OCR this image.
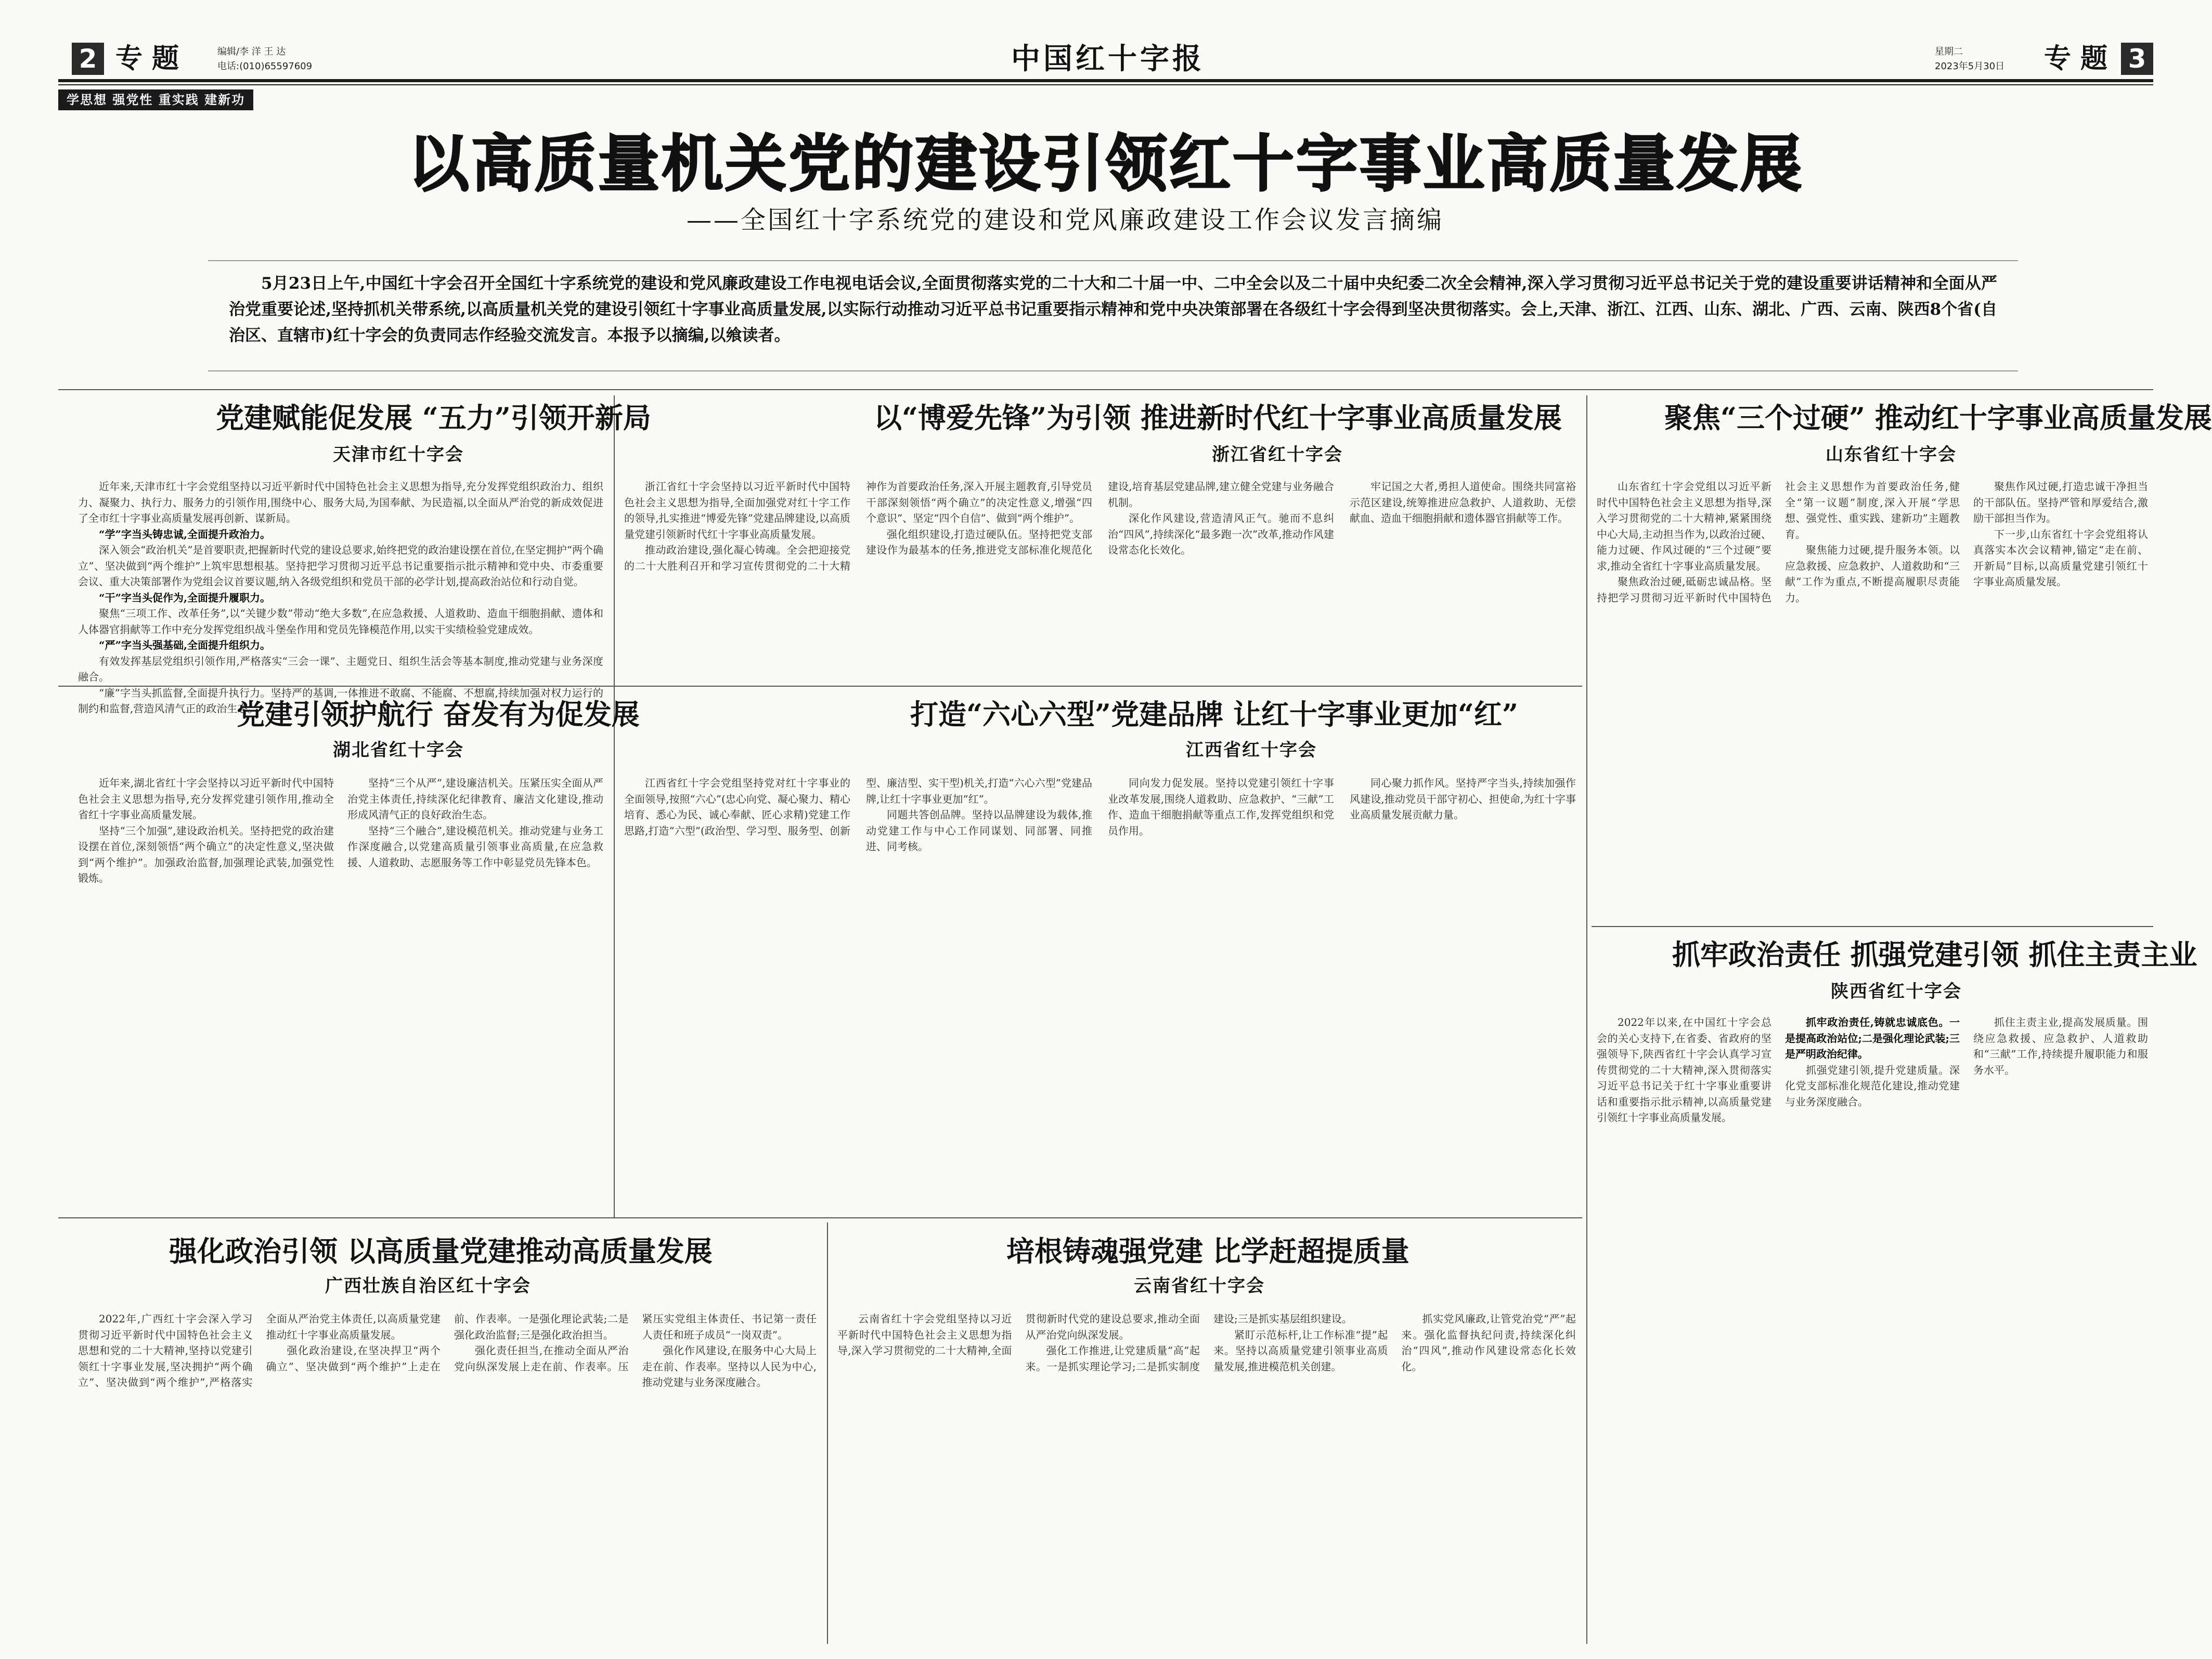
2 专题	编辑/李 洋 王 达
电话:(010)65597609	中国红十字报	星期二
2023年5月30日 专题 3
学思想 强党性 重实践 建新功
以高质量机关党的建设引领红十字事业高质量发展
——全国红十字系统党的建设和党风廉政建设工作会议发言摘编
5月23日上午,中国红十字会召开全国红十字系统党的建设和党风廉政建设工作电视电话会议,全面贯彻落实党的二十大和二十届一中、二中全会以及二十届中央纪委二次全会精神,深入学习贯彻习近平总书记关于党的建设重要讲话精神和全面从严治党重要论述,坚持抓机关带系统,以高质量机关党的建设引领红十字事业高质量发展,以实际行动推动习近平总书记重要指示精神和党中央决策部署在各级红十字会得到坚决贯彻落实。会上,天津、浙江、江西、山东、湖北、广西、云南、陕西8个省(自治区、直辖市)红十字会的负责同志作经验交流发言。本报予以摘编,以飨读者。
党建赋能促发展 “五力”引领开新局
天津市红十字会

近年来,天津市红十字会党组坚持以习近平新时代中国特色社会主义思想为指导,充分发挥党组织政治力、组织力、凝聚力、执行力、服务力的引领作用,围绕中心、服务大局,为国奉献、为民造福,以全面从严治党的新成效促进了全市红十字事业高质量发展再创新、谋新局。

“学”字当头铸忠诚,全面提升政治力。

深入领会“政治机关”是首要职责,把握新时代党的建设总要求,始终把党的政治建设摆在首位,在坚定拥护“两个确立”、坚决做到“两个维护”上筑牢思想根基。坚持把学习贯彻习近平总书记重要指示批示精神和党中央、市委重要会议、重大决策部署作为党组会议首要议题,纳入各级党组织和党员干部的必学计划,提高政治站位和行动自觉。

“干”字当头促作为,全面提升履职力。

聚焦“三项工作、改革任务”,以“关键少数”带动“绝大多数”,在应急救援、人道救助、造血干细胞捐献、遗体和人体器官捐献等工作中充分发挥党组织战斗堡垒作用和党员先锋模范作用,以实干实绩检验党建成效。

“严”字当头强基础,全面提升组织力。

有效发挥基层党组织引领作用,严格落实“三会一课”、主题党日、组织生活会等基本制度,推动党建与业务深度融合。

“廉”字当头抓监督,全面提升执行力。坚持严的基调,一体推进不敢腐、不能腐、不想腐,持续加强对权力运行的制约和监督,营造风清气正的政治生态。

以“博爱先锋”为引领 推进新时代红十字事业高质量发展
浙江省红十字会

浙江省红十字会坚持以习近平新时代中国特色社会主义思想为指导,全面加强党对红十字工作的领导,扎实推进“博爱先锋”党建品牌建设,以高质量党建引领新时代红十字事业高质量发展。

推动政治建设,强化凝心铸魂。全会把迎接党的二十大胜利召开和学习宣传贯彻党的二十大精神作为首要政治任务,深入开展主题教育,引导党员干部深刻领悟“两个确立”的决定性意义,增强“四个意识”、坚定“四个自信”、做到“两个维护”。

强化组织建设,打造过硬队伍。坚持把党支部建设作为最基本的任务,推进党支部标准化规范化建设,培育基层党建品牌,建立健全党建与业务融合机制。

深化作风建设,营造清风正气。驰而不息纠治“四风”,持续深化“最多跑一次”改革,推动作风建设常态化长效化。

牢记国之大者,勇担人道使命。围绕共同富裕示范区建设,统筹推进应急救护、人道救助、无偿献血、造血干细胞捐献和遗体器官捐献等工作。

聚焦“三个过硬” 推动红十字事业高质量发展
山东省红十字会

山东省红十字会党组以习近平新时代中国特色社会主义思想为指导,深入学习贯彻党的二十大精神,紧紧围绕中心大局,主动担当作为,以政治过硬、能力过硬、作风过硬的“三个过硬”要求,推动全省红十字事业高质量发展。

聚焦政治过硬,砥砺忠诚品格。坚持把学习贯彻习近平新时代中国特色社会主义思想作为首要政治任务,健全“第一议题”制度,深入开展“学思想、强党性、重实践、建新功”主题教育。

聚焦能力过硬,提升服务本领。以应急救援、应急救护、人道救助和“三献”工作为重点,不断提高履职尽责能力。

聚焦作风过硬,打造忠诚干净担当的干部队伍。坚持严管和厚爱结合,激励干部担当作为。

下一步,山东省红十字会党组将认真落实本次会议精神,锚定“走在前、开新局”目标,以高质量党建引领红十字事业高质量发展。

党建引领护航行 奋发有为促发展
湖北省红十字会

近年来,湖北省红十字会坚持以习近平新时代中国特色社会主义思想为指导,充分发挥党建引领作用,推动全省红十字事业高质量发展。

坚持“三个加强”,建设政治机关。坚持把党的政治建设摆在首位,深刻领悟“两个确立”的决定性意义,坚决做到“两个维护”。加强政治监督,加强理论武装,加强党性锻炼。

坚持“三个从严”,建设廉洁机关。压紧压实全面从严治党主体责任,持续深化纪律教育、廉洁文化建设,推动形成风清气正的良好政治生态。

坚持“三个融合”,建设模范机关。推动党建与业务工作深度融合,以党建高质量引领事业高质量,在应急救援、人道救助、志愿服务等工作中彰显党员先锋本色。

打造“六心六型”党建品牌 让红十字事业更加“红”
江西省红十字会

江西省红十字会党组坚持党对红十字事业的全面领导,按照“六心”(忠心向党、凝心聚力、精心培育、悉心为民、诚心奉献、匠心求精)党建工作思路,打造“六型”(政治型、学习型、服务型、创新型、廉洁型、实干型)机关,打造“六心六型”党建品牌,让红十字事业更加“红”。

同题共答创品牌。坚持以品牌建设为载体,推动党建工作与中心工作同谋划、同部署、同推进、同考核。

同向发力促发展。坚持以党建引领红十字事业改革发展,围绕人道救助、应急救护、“三献”工作、造血干细胞捐献等重点工作,发挥党组织和党员作用。

同心聚力抓作风。坚持严字当头,持续加强作风建设,推动党员干部守初心、担使命,为红十字事业高质量发展贡献力量。

抓牢政治责任 抓强党建引领 抓住主责主业
陕西省红十字会

2022年以来,在中国红十字会总会的关心支持下,在省委、省政府的坚强领导下,陕西省红十字会认真学习宣传贯彻党的二十大精神,深入贯彻落实习近平总书记关于红十字事业重要讲话和重要指示批示精神,以高质量党建引领红十字事业高质量发展。

抓牢政治责任,铸就忠诚底色。一是提高政治站位;二是强化理论武装;三是严明政治纪律。

抓强党建引领,提升党建质量。深化党支部标准化规范化建设,推动党建与业务深度融合。

抓住主责主业,提高发展质量。围绕应急救援、应急救护、人道救助和“三献”工作,持续提升履职能力和服务水平。

强化政治引领 以高质量党建推动高质量发展
广西壮族自治区红十字会

2022年,广西红十字会深入学习贯彻习近平新时代中国特色社会主义思想和党的二十大精神,坚持以党建引领红十字事业发展,坚决拥护“两个确立”、坚决做到“两个维护”,严格落实全面从严治党主体责任,以高质量党建推动红十字事业高质量发展。

强化政治建设,在坚决捍卫“两个确立”、坚决做到“两个维护”上走在前、作表率。一是强化理论武装;二是强化政治监督;三是强化政治担当。

强化责任担当,在推动全面从严治党向纵深发展上走在前、作表率。压紧压实党组主体责任、书记第一责任人责任和班子成员“一岗双责”。

强化作风建设,在服务中心大局上走在前、作表率。坚持以人民为中心,推动党建与业务深度融合。

培根铸魂强党建 比学赶超提质量
云南省红十字会

云南省红十字会党组坚持以习近平新时代中国特色社会主义思想为指导,深入学习贯彻党的二十大精神,全面贯彻新时代党的建设总要求,推动全面从严治党向纵深发展。

强化工作推进,让党建质量“高”起来。一是抓实理论学习;二是抓实制度建设;三是抓实基层组织建设。

紧盯示范标杆,让工作标准“提”起来。坚持以高质量党建引领事业高质量发展,推进模范机关创建。

抓实党风廉政,让管党治党“严”起来。强化监督执纪问责,持续深化纠治“四风”,推动作风建设常态化长效化。
